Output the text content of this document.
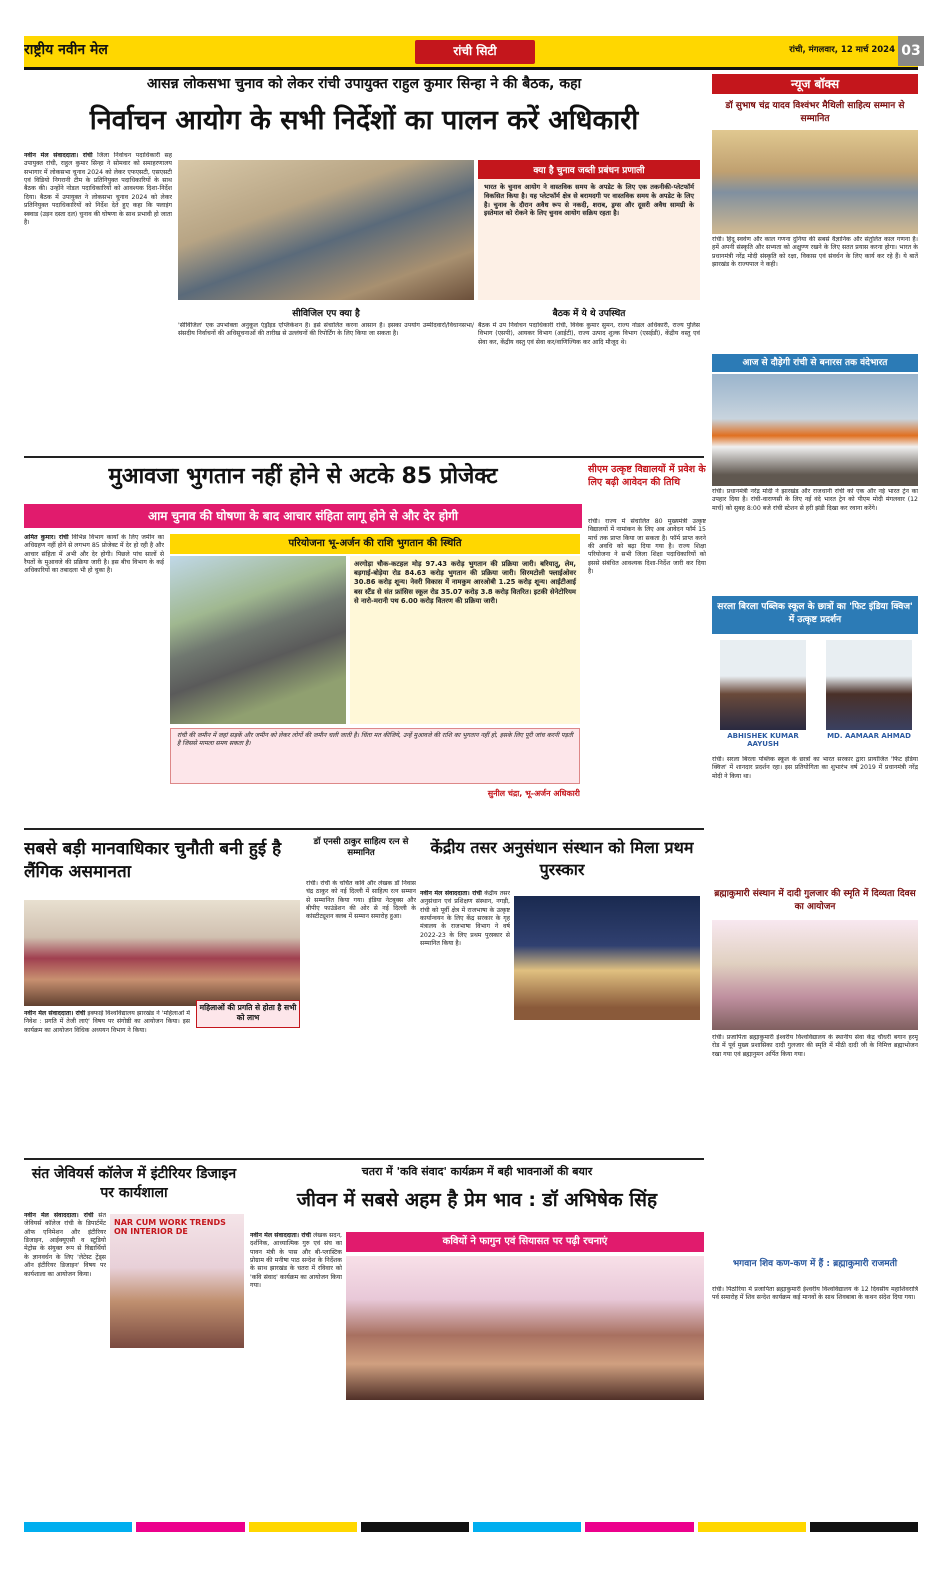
राष्ट्रीय नवीन मेल	रांची सिटी	रांची, मंगलवार, 12 मार्च 2024 03
आसन्न लोकसभा चुनाव को लेकर रांची उपायुक्त राहुल कुमार सिन्हा ने की बैठक, कहा
निर्वाचन आयोग के सभी निर्देशों का पालन करें अधिकारी
नवीन मेल संवाददाता। रांची जिला निर्वाचन पदाधिकारी सह उपायुक्त रांची, राहुल कुमार सिन्हा ने सोमवार को समाहरणालय सभागार में लोकसभा चुनाव 2024 को लेकर एफएसटी, एसएसटी एवं विडियो निगरानी टीम के प्रतिनियुक्त पदाधिकारियों के साथ बैठक की। उन्होंने नोडल पदाधिकारियों को आवश्यक दिशा-निर्देश दिया। बैठक में उपायुक्त ने लोकसभा चुनाव 2024 को लेकर प्रतिनियुक्त पदाधिकारियों को निर्देश देते हुए कहा कि फ्लाइंग स्क्वाड (उड़न दस्ता दल) चुनाव की घोषणा के साथ प्रभावी हो जाता है।
क्या है चुनाव जब्ती प्रबंधन प्रणाली
भारत के चुनाव आयोग ने वास्तविक समय के अपडेट के लिए एक तकनीकी-प्लेटफॉर्म विकसित किया है। यह प्लेटफॉर्म क्षेत्र से बरामदगी पर वास्तविक समय के अपडेट के लिए है। चुनाव के दौरान अवैध रूप से नकदी, शराब, ड्रग्स और दूसरी अवैध सामग्री के इस्तेमाल को रोकने के लिए चुनाव आयोग सक्रिय रहता है।
सीविजिल एप क्या है
'सीविजिल' एक उपभोक्ता अनुकूल एंड्रॉइड एप्लिकेशन है। इसे संचालित करना आसान है। इसका उपयोग उम्मीदवारों/विधानसभा/संसदीय निर्वाचनों की अधिसूचनाओं की तारीख से उल्लंघनों की रिपोर्टिंग के लिए किया जा सकता है।
बैठक में ये थे उपस्थित
बैठक में उप निर्वाचन पदाधिकारी रांची, विवेक कुमार सुमन, राज्य नोडल अधिकारी, राज्य पुलिस विभाग (एसपी), आयकर विभाग (आईटी), राज्य उत्पाद शुल्क विभाग (एसईडी), केंद्रीय वस्तु एवं सेवा कर, केंद्रीय वस्तु एवं सेवा कर/वाणिज्यिक कर आदि मौजूद थे।
न्यूज बॉक्स
डॉ सुभाष चंद्र यादव विश्वंभर मैथिली साहित्य सम्मान से सम्मानित
रांची। हिंदू स्वर्वण और काल गणना दुनिया की सबसे वैज्ञानिक और संतुलित काल गणना है। हमें अपनी संस्कृति और सभ्यता को अक्षुण्ण रखने के लिए सतत प्रयास करना होगा। भारत के प्रधानमंत्री नरेंद्र मोदी संस्कृति को रक्षा, विकास एवं संवर्धन के लिए कार्य कर रहे हैं। ये बातें झारखंड के राज्यपाल ने कही।
आज से दौड़ेगी रांची से बनारस तक वंदेभारत
रांची। प्रधानमंत्री नरेंद्र मोदी ने झारखंड और राजधानी रांची को एक और नई भारत ट्रेन का उपहार दिया है। रांची-वाराणसी के लिए नई वंदे भारत ट्रेन को पीएम मोदी मंगलवार (12 मार्च) को सुबह 8:00 बजे रांची स्टेशन से हरी झंडी दिखा कर रवाना करेंगे।
सरला बिरला पब्लिक स्कूल के छात्रों का 'फिट इंडिया क्विज' में उत्कृष्ट प्रदर्शन
ABHISHEK KUMAR AAYUSH
MD. AAMAAR AHMAD
रांची। सरला बिरला पब्लिक स्कूल के छात्रों का भारत सरकार द्वारा प्रायोजित 'फिट इंडिया क्विज' में शानदार प्रदर्शन रहा। इस प्रतियोगिता का शुभारंभ वर्ष 2019 में प्रधानमंत्री नरेंद्र मोदी ने किया था।
ब्रह्माकुमारी संस्थान में दादी गुलजार की स्मृति में दिव्यता दिवस का आयोजन
रांची। प्रजापिता ब्रह्माकुमारी ईश्वरीय विश्वविद्यालय के स्थानीय सेवा केंद्र चौधरी बगान हरमू रोड में पूर्व मुख्य प्रशासिका दादी गुलजार की स्मृति में मीठी दादी जी के निमित्त ब्रह्माभोजन रखा गया एवं ब्रह्मानुमन अर्पित किया गया।
भगवान शिव कण-कण में हैं : ब्रह्माकुमारी राजमती
रांची। पिठोरिया में प्रजापिता ब्रह्माकुमारी ईश्वरीय विश्वविद्यालय के 12 दिवसीय महाशिवरात्रि पर्व समारोह में शिव सन्देश कार्यक्रम कई मानवों के साथ शिवबाबा के कथन संदेश दिया गया।
मुआवजा भुगतान नहीं होने से अटके 85 प्रोजेक्ट
आम चुनाव की घोषणा के बाद आचार संहिता लागू होने से और देर होगी
अमित कुमार। रांची विभिन्न विभाग कार्यों के लिए जमीन का अधिग्रहण नहीं होने से लगभग 85 प्रोजेक्ट में देर हो रही है और आचार संहिता में अभी और देर होगी। पिछले पांच सालों से रैयतों के मुआवजे की प्रक्रिया जारी है। इस बीच विभाग के कई अधिकारियों का तबादला भी हो चुका है।
परियोजना भू-अर्जन की राशि भुगतान की स्थिति
अरगोड़ा चौक-कटहल मोड़ 97.43 करोड़ भुगतान की प्रक्रिया जारी। बरियातू, लेम, बड़गाई-बोड़ेया रोड 84.63 करोड़ भुगतान की प्रक्रिया जारी। सिरमटोली फ्लाईओवर 30.86 करोड़ शून्य। नेवरी विकास में नामकुम आरओबी 1.25 करोड़ शून्य। आईटीआई बस स्टैंड से संत फ्रांसिस स्कूल रोड 35.07 करोड़ 3.8 करोड़ वितरित। इटकी सेनेटोरियम से नारो-मरानी पथ 6.00 करोड़ वितरण की प्रक्रिया जारी।
रांची की जमीन में जहां सड़कें और जमीन को लेकर लोगों की जमीन चली जाती है। चिंता मत कीजिये, उन्हें मुआवजे की राशि का भुगतान नहीं हो, इसके लिए पूरी जांच करनी पड़ती है जिससे मामला समय सकता है।
सुनील चंद्रा, भू-अर्जन अधिकारी
सीएम उत्कृष्ट विद्यालयों में प्रवेश के लिए बढ़ी आवेदन की तिथि
रांची। राज्य में संचालित 80 मुख्यमंत्री उत्कृष्ट विद्यालयों में नामांकन के लिए अब आवेदन फॉर्म 15 मार्च तक प्राप्त किया जा सकता है। फॉर्म प्राप्त करने की अवधि को बढ़ा दिया गया है। राज्य शिक्षा परियोजना ने सभी जिला शिक्षा पदाधिकारियों को इससे संबंधित आवश्यक दिशा-निर्देश जारी कर दिया है।
सबसे बड़ी मानवाधिकार चुनौती बनी हुई है लैंगिक असमानता
महिलाओं की प्रगति से होता है सभी को लाभ
नवीन मेल संवाददाता। रांची इक्फाई विश्वविद्यालय झारखंड ने 'महिलाओं में निवेश : प्रगति में तेजी लाएं' विषय पर संगोष्ठी का आयोजन किया। इस कार्यक्रम का आयोजन विधिक अध्ययन विभाग ने किया।
डॉ एनसी ठाकुर साहित्य रत्न से सम्मानित
रांची। रांची के चर्चित कवि और लेखक डॉ निवास चंद्र ठाकुर को नई दिल्ली में साहित्य रत्न सम्मान से सम्मानित किया गया। इंडिया नेटबुक्स और बीपीए फाउंडेशन की ओर से नई दिल्ली के कांस्टीट्यूशन क्लब में सम्मान समारोह हुआ।
केंद्रीय तसर अनुसंधान संस्थान को मिला प्रथम पुरस्कार
नवीन मेल संवाददाता। रांची केंद्रीय तसर अनुसंधान एवं प्रशिक्षण संस्थान, नगड़ी, रांची को पूर्वी क्षेत्र में राजभाषा के उत्कृष्ट कार्यान्वयन के लिए केंद्र सरकार के गृह मंत्रालय के राजभाषा विभाग ने वर्ष 2022-23 के लिए प्रथम पुरस्कार से सम्मानित किया है।
संत जेवियर्स कॉलेज में इंटीरियर डिजाइन पर कार्यशाला
नवीन मेल संवाददाता। रांची संत जेवियर्स कॉलेज रांची के डिपार्टमेंट ऑफ एनिमेशन और इंटीरियर डिजाइन, आईक्यूएसी व स्टूडियो मेट्रोस के संयुक्त रूप से विद्यार्थियों के ज्ञानवर्धन के लिए 'लेटेस्ट ट्रेंड्स ऑन इंटीरियर डिजाइन' विषय पर कार्यशाला का आयोजन किया।
NAR CUM WORK TRENDS ON INTERIOR DE
चतरा में 'कवि संवाद' कार्यक्रम में बही भावनाओं की बयार
जीवन में सबसे अहम है प्रेम भाव : डॉ अभिषेक सिंह
नवीन मेल संवाददाता। रांची लेखक सदन, दर्शनिक, आध्यात्मिक गुरु एवं संघ का पावन मंत्री के पास और बी-प्लास्टिक प्रोग्राम की मनीषा पाठ सन्देश के निर्देशक के साथ झारखंड के चतरा में रविवार को 'कवि संवाद' कार्यक्रम का आयोजन किया गया।
कवियों ने फागुन एवं सियासत पर पढ़ी रचनाएं
